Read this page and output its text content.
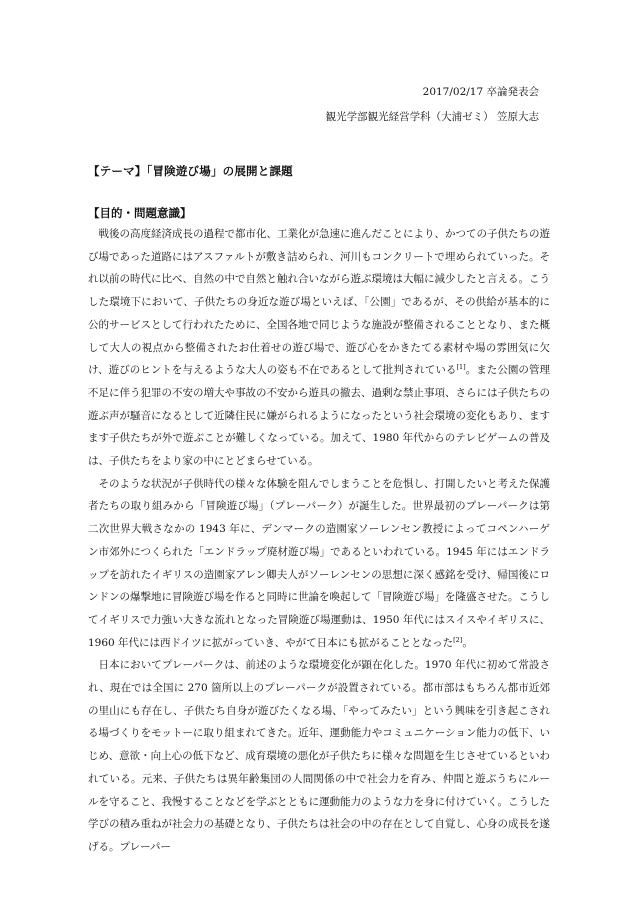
2017/02/17 卒論発表会
観光学部観光経営学科（大浦ゼミ） 笠原大志
【テーマ】「冒険遊び場」の展開と課題
【目的・問題意識】

戦後の高度経済成長の過程で都市化、工業化が急速に進んだことにより、かつての子供たちの遊び場であった道路にはアスファルトが敷き詰められ、河川もコンクリートで埋められていった。それ以前の時代に比べ、自然の中で自然と触れ合いながら遊ぶ環境は大幅に減少したと言える。こうした環境下において、子供たちの身近な遊び場といえば、「公園」であるが、その供給が基本的に公的サービスとして行われたために、全国各地で同じような施設が整備されることとなり、また概して大人の視点から整備されたお仕着せの遊び場で、遊び心をかきたてる素材や場の雰囲気に欠け、遊びのヒントを与えるような大人の姿も不在であるとして批判されている[1]。また公園の管理不足に伴う犯罪の不安の増大や事故の不安から遊具の撤去、過剰な禁止事項、さらには子供たちの遊ぶ声が騒音になるとして近隣住民に嫌がられるようになったという社会環境の変化もあり、ますます子供たちが外で遊ぶことが難しくなっている。加えて、1980 年代からのテレビゲームの普及は、子供たちをより家の中にとどまらせている。

そのような状況が子供時代の様々な体験を阻んでしまうことを危惧し、打開したいと考えた保護者たちの取り組みから「冒険遊び場」（プレーパーク）が誕生した。世界最初のプレーパークは第二次世界大戦さなかの 1943 年に、デンマークの造園家ソーレンセン教授によってコペンハーゲン市郊外につくられた「エンドラップ廃材遊び場」であるといわれている。1945 年にはエンドラップを訪れたイギリスの造園家アレン卿夫人がソーレンセンの思想に深く感銘を受け、帰国後にロンドンの爆撃地に冒険遊び場を作ると同時に世論を喚起して「冒険遊び場」を隆盛させた。こうしてイギリスで力強い大きな流れとなった冒険遊び場運動は、1950 年代にはスイスやイギリスに、1960 年代には西ドイツに拡がっていき、やがて日本にも拡がることとなった[2]。

日本においてプレーパークは、前述のような環境変化が顕在化した。1970 年代に初めて常設され、現在では全国に 270 箇所以上のプレーパークが設置されている。都市部はもちろん都市近郊の里山にも存在し、子供たち自身が遊びたくなる場、「やってみたい」という興味を引き起こされる場づくりをモットーに取り組まれてきた。近年、運動能力やコミュニケーション能力の低下、いじめ、意欲・向上心の低下など、成育環境の悪化が子供たちに様々な問題を生じさせているといわれている。元来、子供たちは異年齢集団の人間関係の中で社会力を育み、仲間と遊ぶうちにルールを守ること、我慢することなどを学ぶとともに運動能力のような力を身に付けていく。こうした学びの積み重ねが社会力の基礎となり、子供たちは社会の中の存在として自覚し、心身の成長を遂げる。プレーパー
